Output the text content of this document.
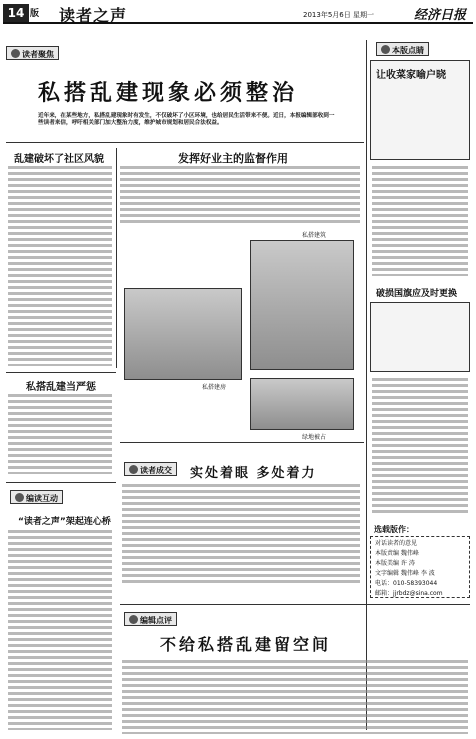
14 版 读者之声	2013年5月6日 星期一	经济日报
读者聚焦	本版点睛
私搭乱建现象必须整治
近年来，在某些地方，私搭乱建现象时有发生，不仅破坏了小区环境，也给居民生活带来不便。近日，本报编辑部收到一些读者来信，呼吁相关部门加大整治力度，维护城市规划和居民合法权益。
乱建破坏了社区风貌	发挥好业主的监督作用
私搭建房
私搭建筑
绿地被占
私搭乱建当严惩
读者成交	实处着眼 多处着力
编读互动
“读者之声”架起连心桥
让收菜家喻户晓
破损国旗应及时更换
选载版作：
对话读者的意见
本版责编 魏伟峰
本版美编 许 涛
文字编辑 魏伟峰 李 波
电话：010-58393044
邮箱：jjrbdz@sina.com
编辑点评
不给私搭乱建留空间
